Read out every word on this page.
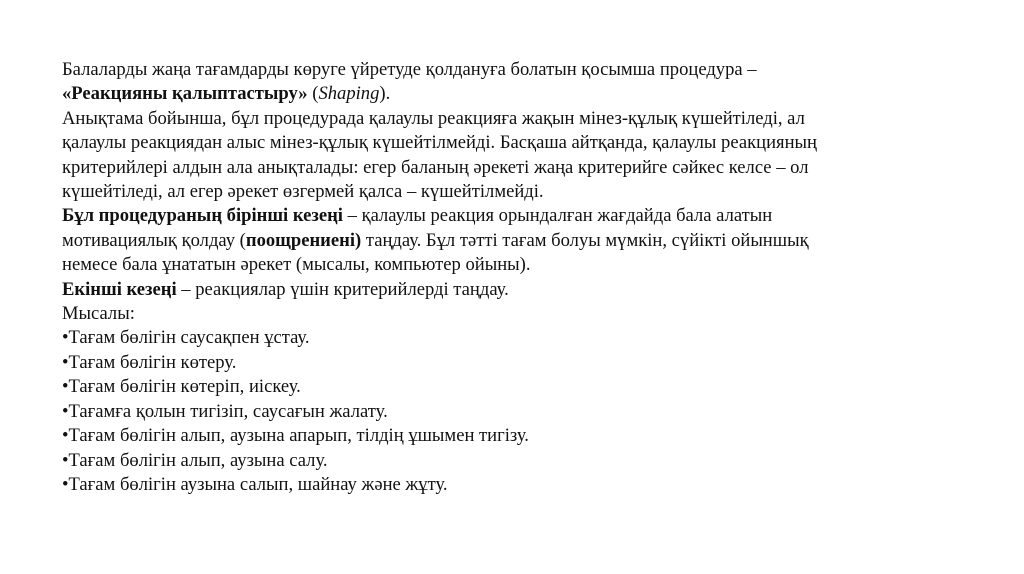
Балаларды жаңа тағамдарды көруге үйретуде қолдануға болатын қосымша процедура –
«Реакцияны қалыптастыру» (Shaping).
Анықтама бойынша, бұл процедурада қалаулы реакцияға жақын мінез-құлық күшейтіледі, ал
қалаулы реакциядан алыс мінез-құлық күшейтілмейді. Басқаша айтқанда, қалаулы реакцияның
критерийлері алдын ала анықталады: егер баланың әрекеті жаңа критерийге сәйкес келсе – ол
күшейтіледі, ал егер әрекет өзгермей қалса – күшейтілмейді.
Бұл процедураның бірінші кезеңі – қалаулы реакция орындалған жағдайда бала алатын
мотивациялық қолдау (поощрениені) таңдау. Бұл тәтті тағам болуы мүмкін, сүйікті ойыншық
немесе бала ұнататын әрекет (мысалы, компьютер ойыны).
Екінші кезеңі – реакциялар үшін критерийлерді таңдау.
Мысалы:
•Тағам бөлігін саусақпен ұстау.
•Тағам бөлігін көтеру.
•Тағам бөлігін көтеріп, иіскеу.
•Тағамға қолын тигізіп, саусағын жалату.
•Тағам бөлігін алып, аузына апарып, тілдің ұшымен тигізу.
•Тағам бөлігін алып, аузына салу.
•Тағам бөлігін аузына салып, шайнау және жұту.
